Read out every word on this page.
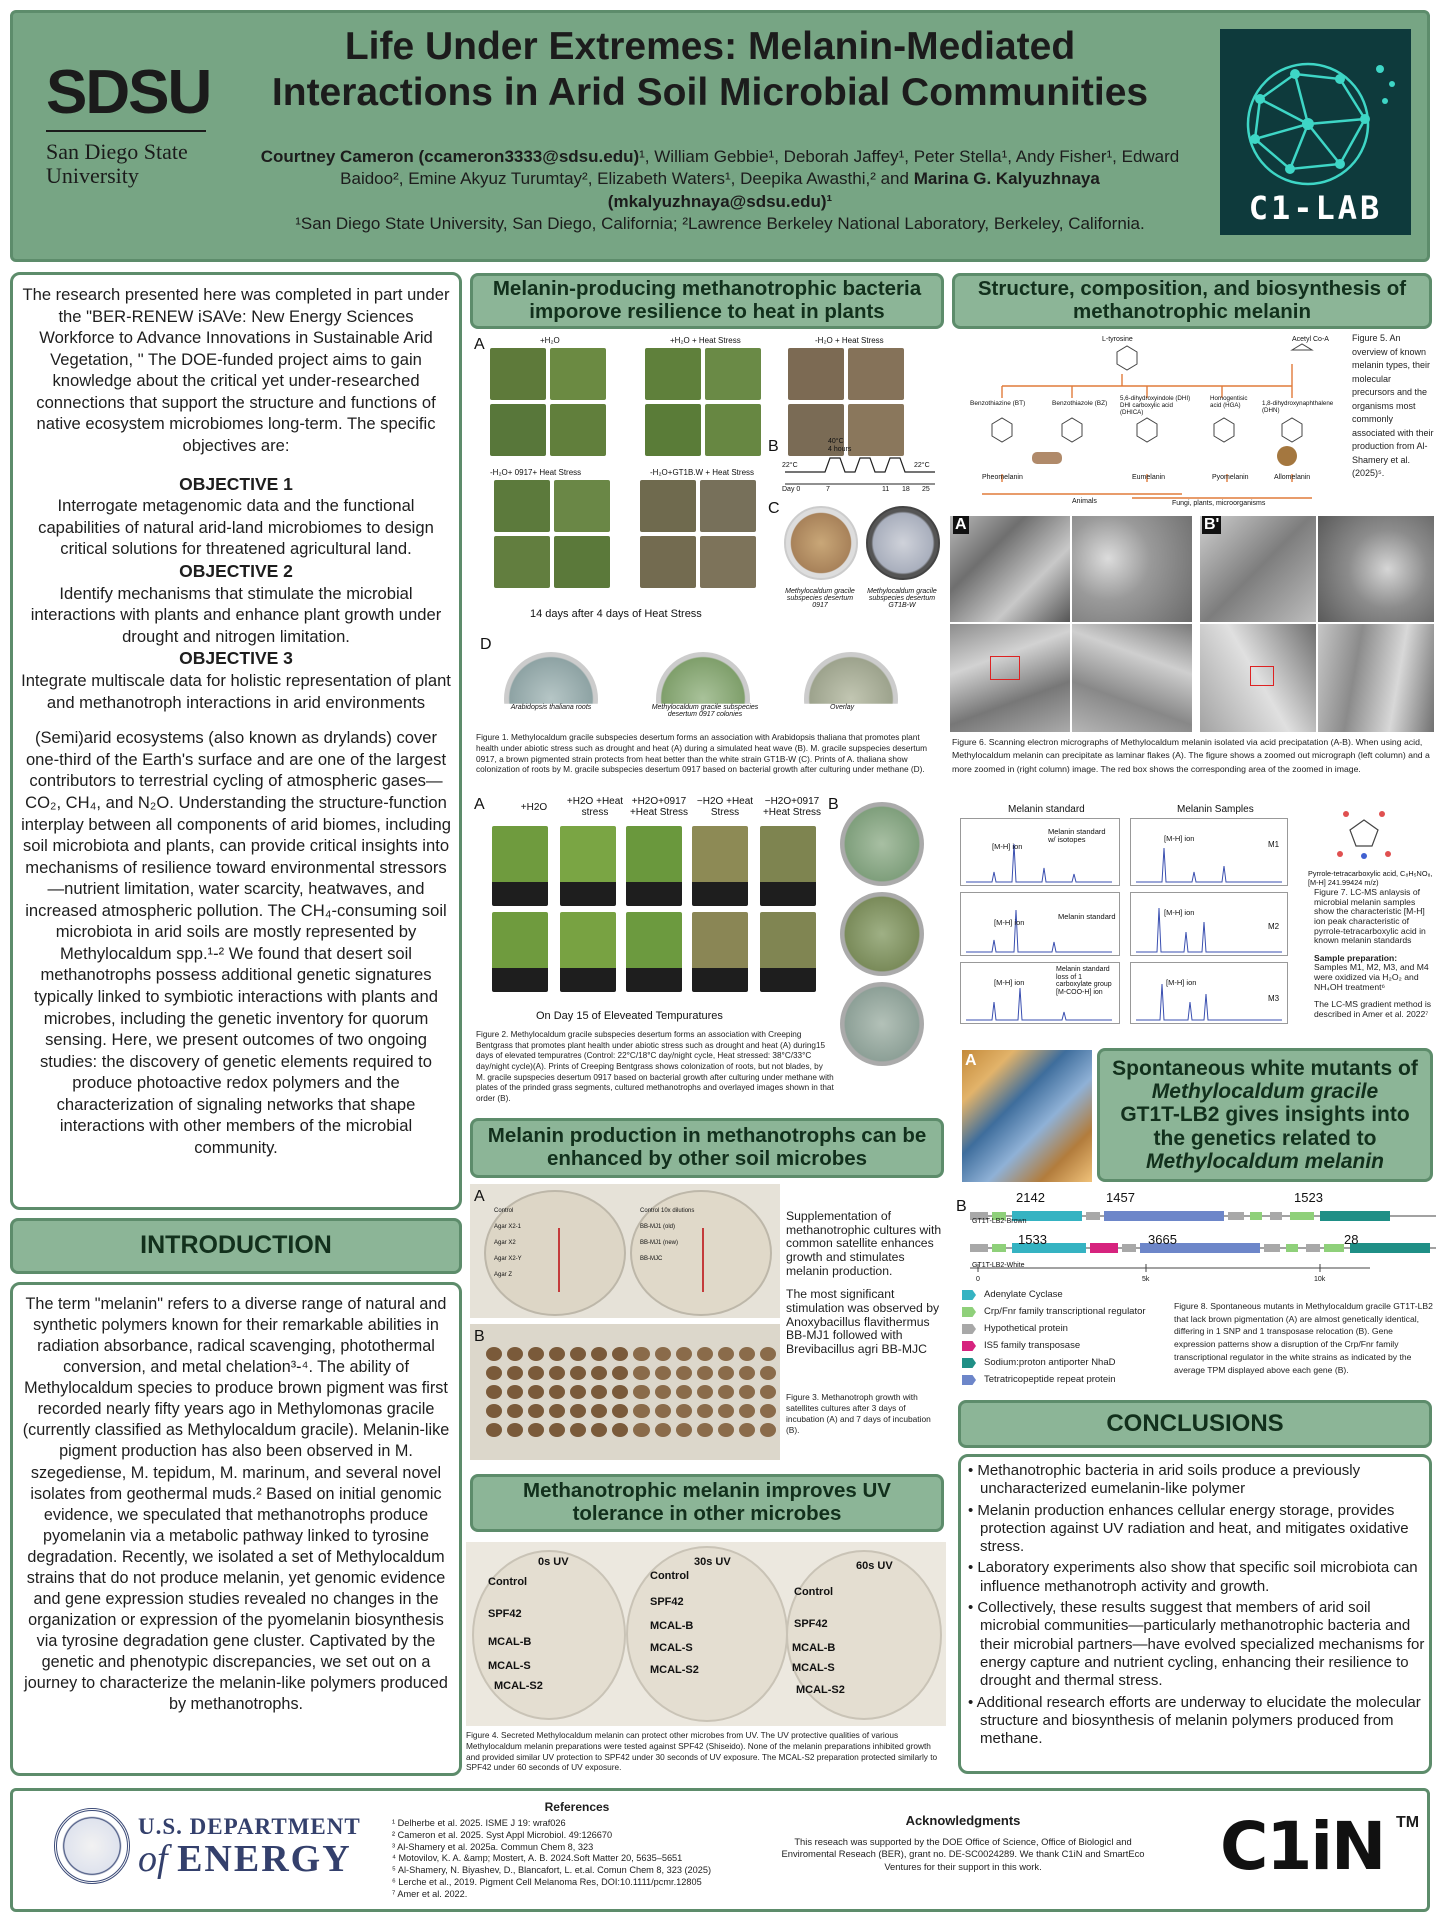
SDSU
San Diego State
University
Life Under Extremes: Melanin-Mediated
Interactions in Arid Soil Microbial Communities
Courtney Cameron (ccameron3333@sdsu.edu)¹, William Gebbie¹, Deborah Jaffey¹, Peter Stella¹, Andy Fisher¹, Edward
Baidoo², Emine Akyuz Turumtay², Elizabeth Waters¹, Deepika Awasthi,² and Marina G. Kalyuzhnaya
(mkalyuzhnaya@sdsu.edu)¹
¹San Diego State University, San Diego, California; ²Lawrence Berkeley National Laboratory, Berkeley, California.	C1-LAB

The research presented here was completed in part under the "BER-RENEW iSAVe: New Energy Sciences Workforce to Advance Innovations in Sustainable Arid Vegetation, " The DOE-funded project aims to gain knowledge about the critical yet under-researched connections that support the structure and functions of native ecosystem microbiomes long-term. The specific objectives are:

OBJECTIVE 1

Interrogate metagenomic data and the functional capabilities of natural arid-land microbiomes to design critical solutions for threatened agricultural land.

OBJECTIVE 2

Identify mechanisms that stimulate the microbial interactions with plants and enhance plant growth under drought and nitrogen limitation.

OBJECTIVE 3

Integrate multiscale data for holistic representation of plant and methanotroph interactions in arid environments

(Semi)arid ecosystems (also known as drylands) cover one-third of the Earth's surface and are one of the largest contributors to terrestrial cycling of atmospheric gases—CO₂, CH₄, and N₂O. Understanding the structure-function interplay between all components of arid biomes, including soil microbiota and plants, can provide critical insights into mechanisms of resilience toward environmental stressors—nutrient limitation, water scarcity, heatwaves, and increased atmospheric pollution. The CH₄-consuming soil microbiota in arid soils are mostly represented by Methylocaldum spp.¹‑² We found that desert soil methanotrophs possess additional genetic signatures typically linked to symbiotic interactions with plants and microbes, including the genetic inventory for quorum sensing. Here, we present outcomes of two ongoing studies: the discovery of genetic elements required to produce photoactive redox polymers and the characterization of signaling networks that shape interactions with other members of the microbial community.

INTRODUCTION

The term "melanin" refers to a diverse range of natural and synthetic polymers known for their remarkable abilities in radiation absorbance, radical scavenging, photothermal conversion, and metal chelation³‑⁴. The ability of Methylocaldum species to produce brown pigment was first recorded nearly fifty years ago in Methylomonas gracile (currently classified as Methylocaldum gracile). Melanin-like pigment production has also been observed in M. szegediense, M. tepidum, M. marinum, and several novel isolates from geothermal muds.² Based on initial genomic evidence, we speculated that methanotrophs produce pyomelanin via a metabolic pathway linked to tyrosine degradation. Recently, we isolated a set of Methylocaldum strains that do not produce melanin, yet genomic evidence and gene expression studies revealed no changes in the organization or expression of the pyomelanin biosynthesis via tyrosine degradation gene cluster. Captivated by the genetic and phenotypic discrepancies, we set out on a journey to characterize the melanin-like polymers produced by methanotrophs.

Melanin-producing methanotrophic bacteria imporove resilience to heat in plants
A	+H₂O	+H₂O + Heat Stress	-H₂O + Heat Stress
-H₂O+ 0917+ Heat Stress	-H₂O+GT1B.W + Heat Stress
14 days after 4 days of Heat Stress
B	40°C
4 hours
22°C	22°C
Day 0	7	11 18 25
C
Methylocaldum gracile subspecies desertum 0917
Methylocaldum gracile subspecies desertum GT1B-W
D
Arabidopsis thaliana roots	Methylocaldum gracile subspecies desertum 0917 colonies
Overlay

Figure 1. Methylocaldum gracile subspecies desertum forms an association with Arabidopsis thaliana that promotes plant health under abiotic stress such as drought and heat (A) during a simulated heat wave (B). M. gracile supspecies desertum 0917, a brown pigmented strain protects from heat better than the white strain GT1B-W (C). Prints of A. thaliana show colonization of roots by M. gracile subspecies desertum 0917 based on bacterial growth after culturing under methane (D).

A	+H2O
+H2O +Heat stress
+H2O+0917 +Heat Stress
−H2O +Heat Stress
−H2O+0917 +Heat Stress
On Day 15 of Eleveated Tempuratures
B

Figure 2. Methylocaldum gracile subspecies desertum forms an association with Creeping Bentgrass that promotes plant health under abiotic stress such as drought and heat (A) during15 days of elevated tempuratres (Control: 22°C/18°C day/night cycle, Heat stressed: 38°C/33°C day/night cycle)(A). Prints of Creeping Bentgrass shows colonization of roots, but not blades, by M. gracile supspecies desertum 0917 based on bacterial growth after culturing under methane with plates of the prinded grass segments, cultured methanotrophs and overlayed images shown in that order (B).

Melanin production in methanotrophs can be enhanced by other soil microbes
A
Control
Agar X2-1
Agar X2
Agar X2-Y
Agar Z
Control 10x dilutions
BB-MJ1 (old)
BB-MJ1 (new)
BB-MJC
B

Supplementation of methanotrophic cultures with common satellite enhances growth and stimulates melanin production.

The most significant stimulation was observed by Anoxybacillus flavithermus BB-MJ1 followed with Brevibacillus agri BB-MJC

Figure 3. Methanotroph growth with satellites cultures after 3 days of incubation (A) and 7 days of incubation (B).

Methanotrophic melanin improves UV tolerance in other microbes
0s UV	30s UV	60s UV
Control
SPF42
MCAL-B
MCAL-S
MCAL-S2
Control
SPF42
MCAL-B
MCAL-S
MCAL-S2
Control
SPF42
MCAL-B
MCAL-S
MCAL-S2

Figure 4. Secreted Methylocaldum melanin can protect other microbes from UV. The UV protective qualities of various Methylocaldum melanin preparations were tested against SPF42 (Shiseido). None of the melanin preparations inhibited growth and provided similar UV protection to SPF42 under 30 seconds of UV exposure. The MCAL-S2 preparation protected similarly to SPF42 under 60 seconds of UV exposure.

Structure, composition, and biosynthesis of methanotrophic melanin
L-tyrosine	Acetyl Co-A
Benzothiazine (BT)	Benzothiazole (BZ)
5,6-dihydroxyindole (DHI) DHI carboxylic acid (DHICA)
Homogentisic acid (HGA)	1,8-dihydroxynaphthalene (DHN)
Pheomelanin	Eumelanin	Pyomelanin	Allomelanin
Animals	Fungi, plants, microorganisms

Figure 5. An overview of known melanin types, their molecular precursors and the organisms most commonly associated with their production from Al-Shamery et al. (2025)⁵.

A	B'

Figure 6. Scanning electron micrographs of Methylocaldum melanin isolated via acid precipatation (A-B). When using acid, Methylocaldum melanin can precipitate as laminar flakes (A). The figure shows a zoomed out micrograph (left column) and a more zoomed in (right column) image. The red box shows the corresponding area of the zoomed in image.

Melanin standard	Melanin Samples
Melanin standard w/ isotopes
Melanin standard
Melanin standard loss of 1 carboxylate group [M-COO-H] ion
[M-H] ion
[M-H] ion
[M-H] ion
[M-H] ion
[M-H] ion
[M-H] ion
M1
M2
M3
Pyrrole-tetracarboxylic acid, C₈H₅NO₈, [M-H] 241.99424 m/z)

Figure 7. LC-MS anlaysis of microbial melanin samples show the characteristic [M-H] ion peak characteristic of pyrrole-tetracarboxylic acid in known melanin standards

Sample preparation:

Samples M1, M2, M3, and M4 were oxidized via H₂O₂ and NH₄OH treatment⁶

The LC-MS gradient method is described in Amer et al. 2022⁷

A	Spontaneous white mutants of
Methylocaldum gracile
GT1T-LB2 gives insights into
the genetics related to
Methylocaldum melanin
B
2142	1457	1523
GT1T-LB2-Brown
1533	3665	28
GT1T-LB2-White
0	5k	10k
Adenylate Cyclase
Crp/Fnr family transcriptional regulator
Hypothetical protein
IS5 family transposase
Sodium:proton antiporter NhaD
Tetratricopeptide repeat protein

Figure 8. Spontaneous mutants in Methylocaldum gracile GT1T-LB2 that lack brown pigmentation (A) are almost genetically identical, differing in 1 SNP and 1 transposase relocation (B). Gene expression patterns show a disruption of the Crp/Fnr family transcriptional regulator in the white strains as indicated by the average TPM displayed above each gene (B).

CONCLUSIONS
• Methanotrophic bacteria in arid soils produce a previously uncharacterized eumelanin-like polymer
• Melanin production enhances cellular energy storage, provides protection against UV radiation and heat, and mitigates oxidative stress.
• Laboratory experiments also show that specific soil microbiota can influence methanotroph activity and growth.
• Collectively, these results suggest that members of arid soil microbial communities—particularly methanotrophic bacteria and their microbial partners—have evolved specialized mechanisms for energy capture and nutrient cycling, enhancing their resilience to drought and thermal stress.
• Additional research efforts are underway to elucidate the molecular structure and biosynthesis of melanin polymers produced from methane.
U.S. DEPARTMENT
of ENERGY
References
¹ Delherbe et al. 2025. ISME J 19: wraf026
² Cameron et al. 2025. Syst Appl Microbiol. 49:126670
³ Al-Shamery et al. 2025a. Commun Chem 8, 323
⁴ Motovilov, K. A. &amp; Mostert, A. B. 2024.Soft Matter 20, 5635–5651
⁵ Al-Shamery, N. Biyashev, D., Blancafort, L. et.al. Comun Chem 8, 323 (2025)
⁶ Lerche et al., 2019. Pigment Cell Melanoma Res, DOI:10.1111/pcmr.12805
⁷ Amer et al. 2022.
Acknowledgments
This reseach was supported by the DOE Office of Science, Office of Biologicl and Enviromental Reseach (BER), grant no. DE-SC0024289. We thank C1iN and SmartEco Ventures for their support in this work.	C1iN TM
